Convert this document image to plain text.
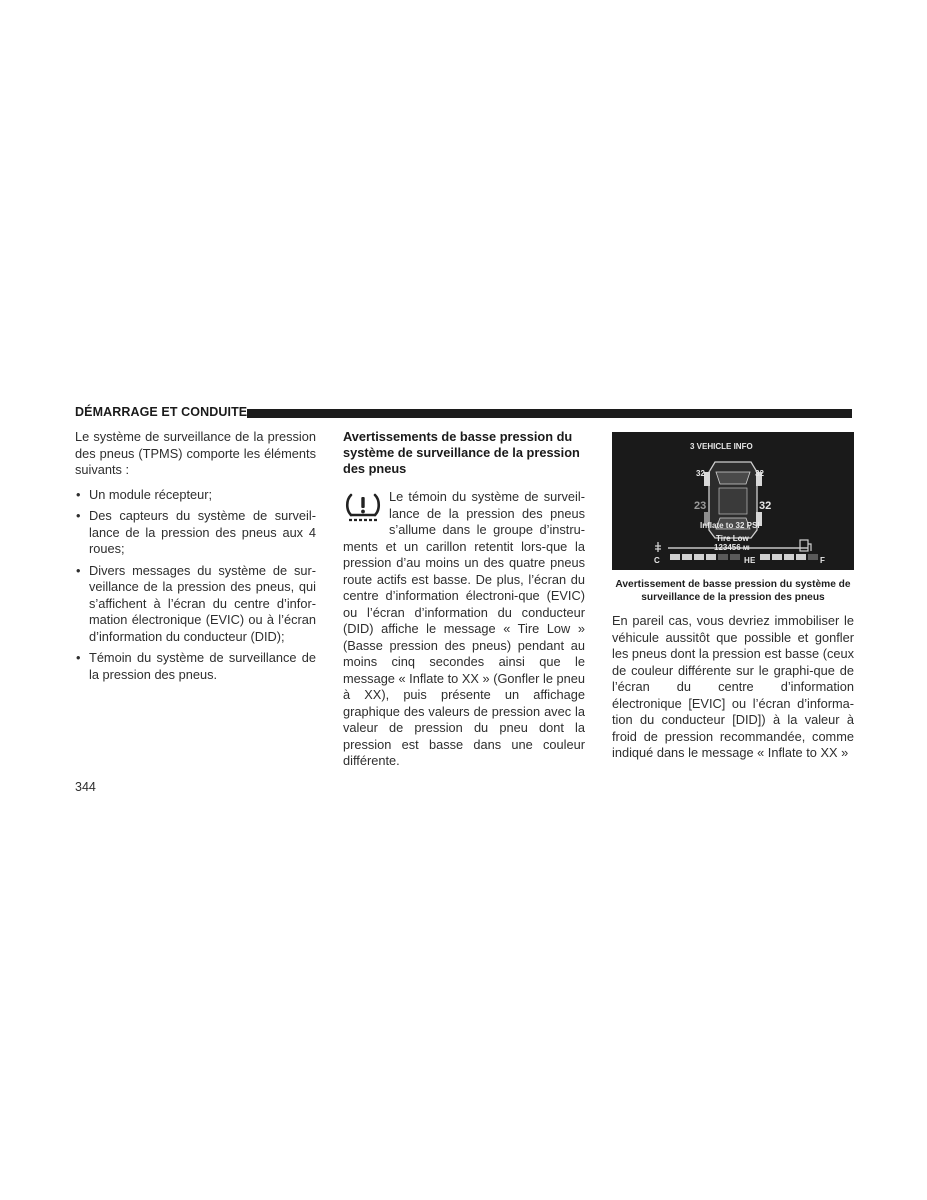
DÉMARRAGE ET CONDUITE

Le système de surveillance de la pression des pneus (TPMS) comporte les éléments suivants :

• Un module récepteur;
• Des capteurs du système de surveil-lance de la pression des pneus aux 4 roues;
• Divers messages du système de sur-veillance de la pression des pneus, qui s’affichent à l’écran du centre d’infor-mation électronique (EVIC) ou à l’écran d’information du conducteur (DID);
• Témoin du système de surveillance de la pression des pneus.
Avertissements de basse pression du système de surveillance de la pression des pneus

Le témoin du système de surveil-lance de la pression des pneus s’allume dans le groupe d’instru-ments et un carillon retentit lors-que la pression d’au moins un des quatre pneus route actifs est basse. De plus, l’écran du centre d’information électroni-que (EVIC) ou l’écran d’information du conducteur (DID) affiche le message « Tire Low » (Basse pression des pneus) pendant au moins cinq secondes ainsi que le message « Inflate to XX » (Gonfler le pneu à XX), puis présente un affichage graphique des valeurs de pression avec la valeur de pression du pneu dont la pression est basse dans une couleur différente.

3 VEHICLE INFO
32	32
23	32
Inflate to 32 PSI
Tire Low
123456 MI
C	H E	F
Avertissement de basse pression du système de surveillance de la pression des pneus

En pareil cas, vous devriez immobiliser le véhicule aussitôt que possible et gonfler les pneus dont la pression est basse (ceux de couleur différente sur le graphi-que de l’écran du centre d’information électronique [EVIC] ou l’écran d’informa-tion du conducteur [DID]) à la valeur à froid de pression recommandée, comme indiqué dans le message « Inflate to XX »

344
